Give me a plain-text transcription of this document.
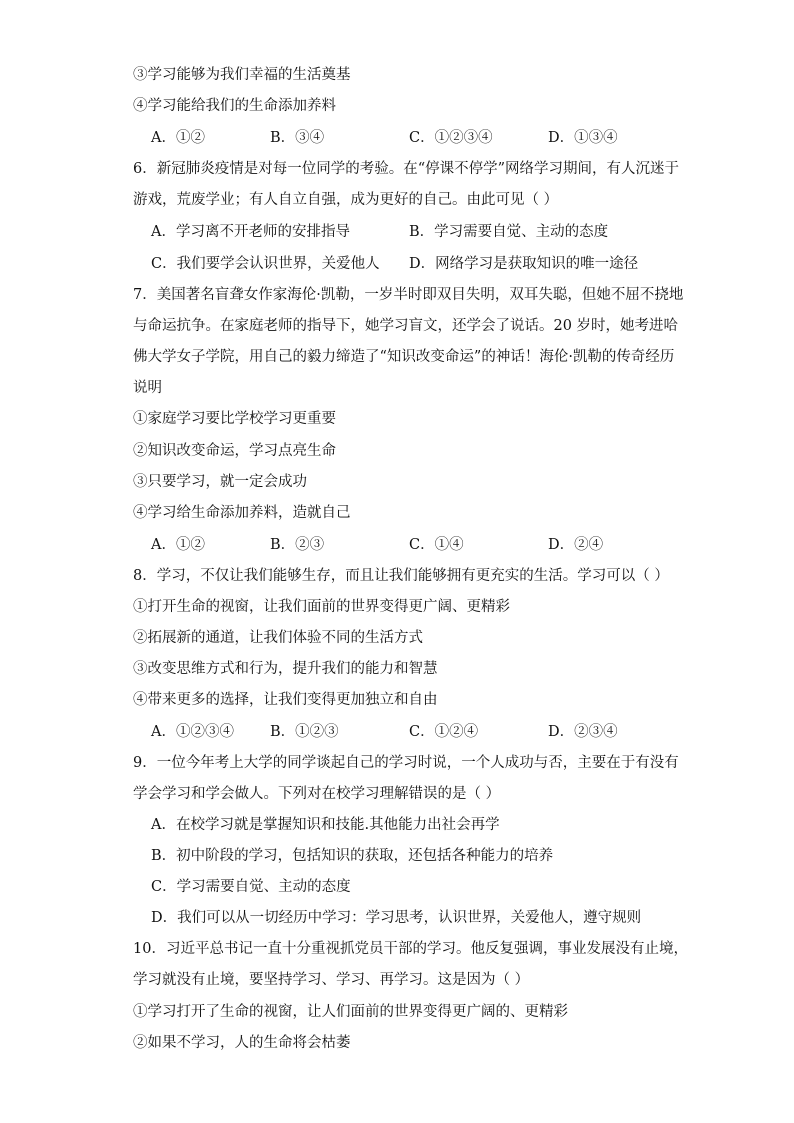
③学习能够为我们幸福的生活奠基
④学习能给我们的生命添加养料
A．①②	B．③④	C．①②③④	D．①③④
6．新冠肺炎疫情是对每一位同学的考验。在“停课不停学”网络学习期间，有人沉迷于
游戏，荒废学业；有人自立自强，成为更好的自己。由此可见（ ）
A．学习离不开老师的安排指导	B．学习需要自觉、主动的态度
C．我们要学会认识世界，关爱他人 D．网络学习是获取知识的唯一途径
7．美国著名盲聋女作家海伦·凯勒，一岁半时即双目失明，双耳失聪，但她不屈不挠地
与命运抗争。在家庭老师的指导下，她学习盲文，还学会了说话。20 岁时，她考进哈
佛大学女子学院，用自己的毅力缔造了“知识改变命运”的神话！海伦·凯勒的传奇经历
说明
①家庭学习要比学校学习更重要
②知识改变命运，学习点亮生命
③只要学习，就一定会成功
④学习给生命添加养料，造就自己
A．①②	B．②③	C．①④	D．②④
8．学习，不仅让我们能够生存，而且让我们能够拥有更充实的生活。学习可以（ ）
①打开生命的视窗，让我们面前的世界变得更广阔、更精彩
②拓展新的通道，让我们体验不同的生活方式
③改变思维方式和行为，提升我们的能力和智慧
④带来更多的选择，让我们变得更加独立和自由
A．①②③④ B．①②③	C．①②④	D．②③④
9．一位今年考上大学的同学谈起自己的学习时说，一个人成功与否，主要在于有没有
学会学习和学会做人。下列对在校学习理解错误的是（ ）
A．在校学习就是掌握知识和技能.其他能力出社会再学
B．初中阶段的学习，包括知识的获取，还包括各种能力的培养
C．学习需要自觉、主动的态度
D．我们可以从一切经历中学习：学习思考，认识世界，关爱他人，遵守规则
10．习近平总书记一直十分重视抓党员干部的学习。他反复强调，事业发展没有止境，
学习就没有止境，要坚持学习、学习、再学习。这是因为（ ）
①学习打开了生命的视窗，让人们面前的世界变得更广阔的、更精彩
②如果不学习，人的生命将会枯萎
